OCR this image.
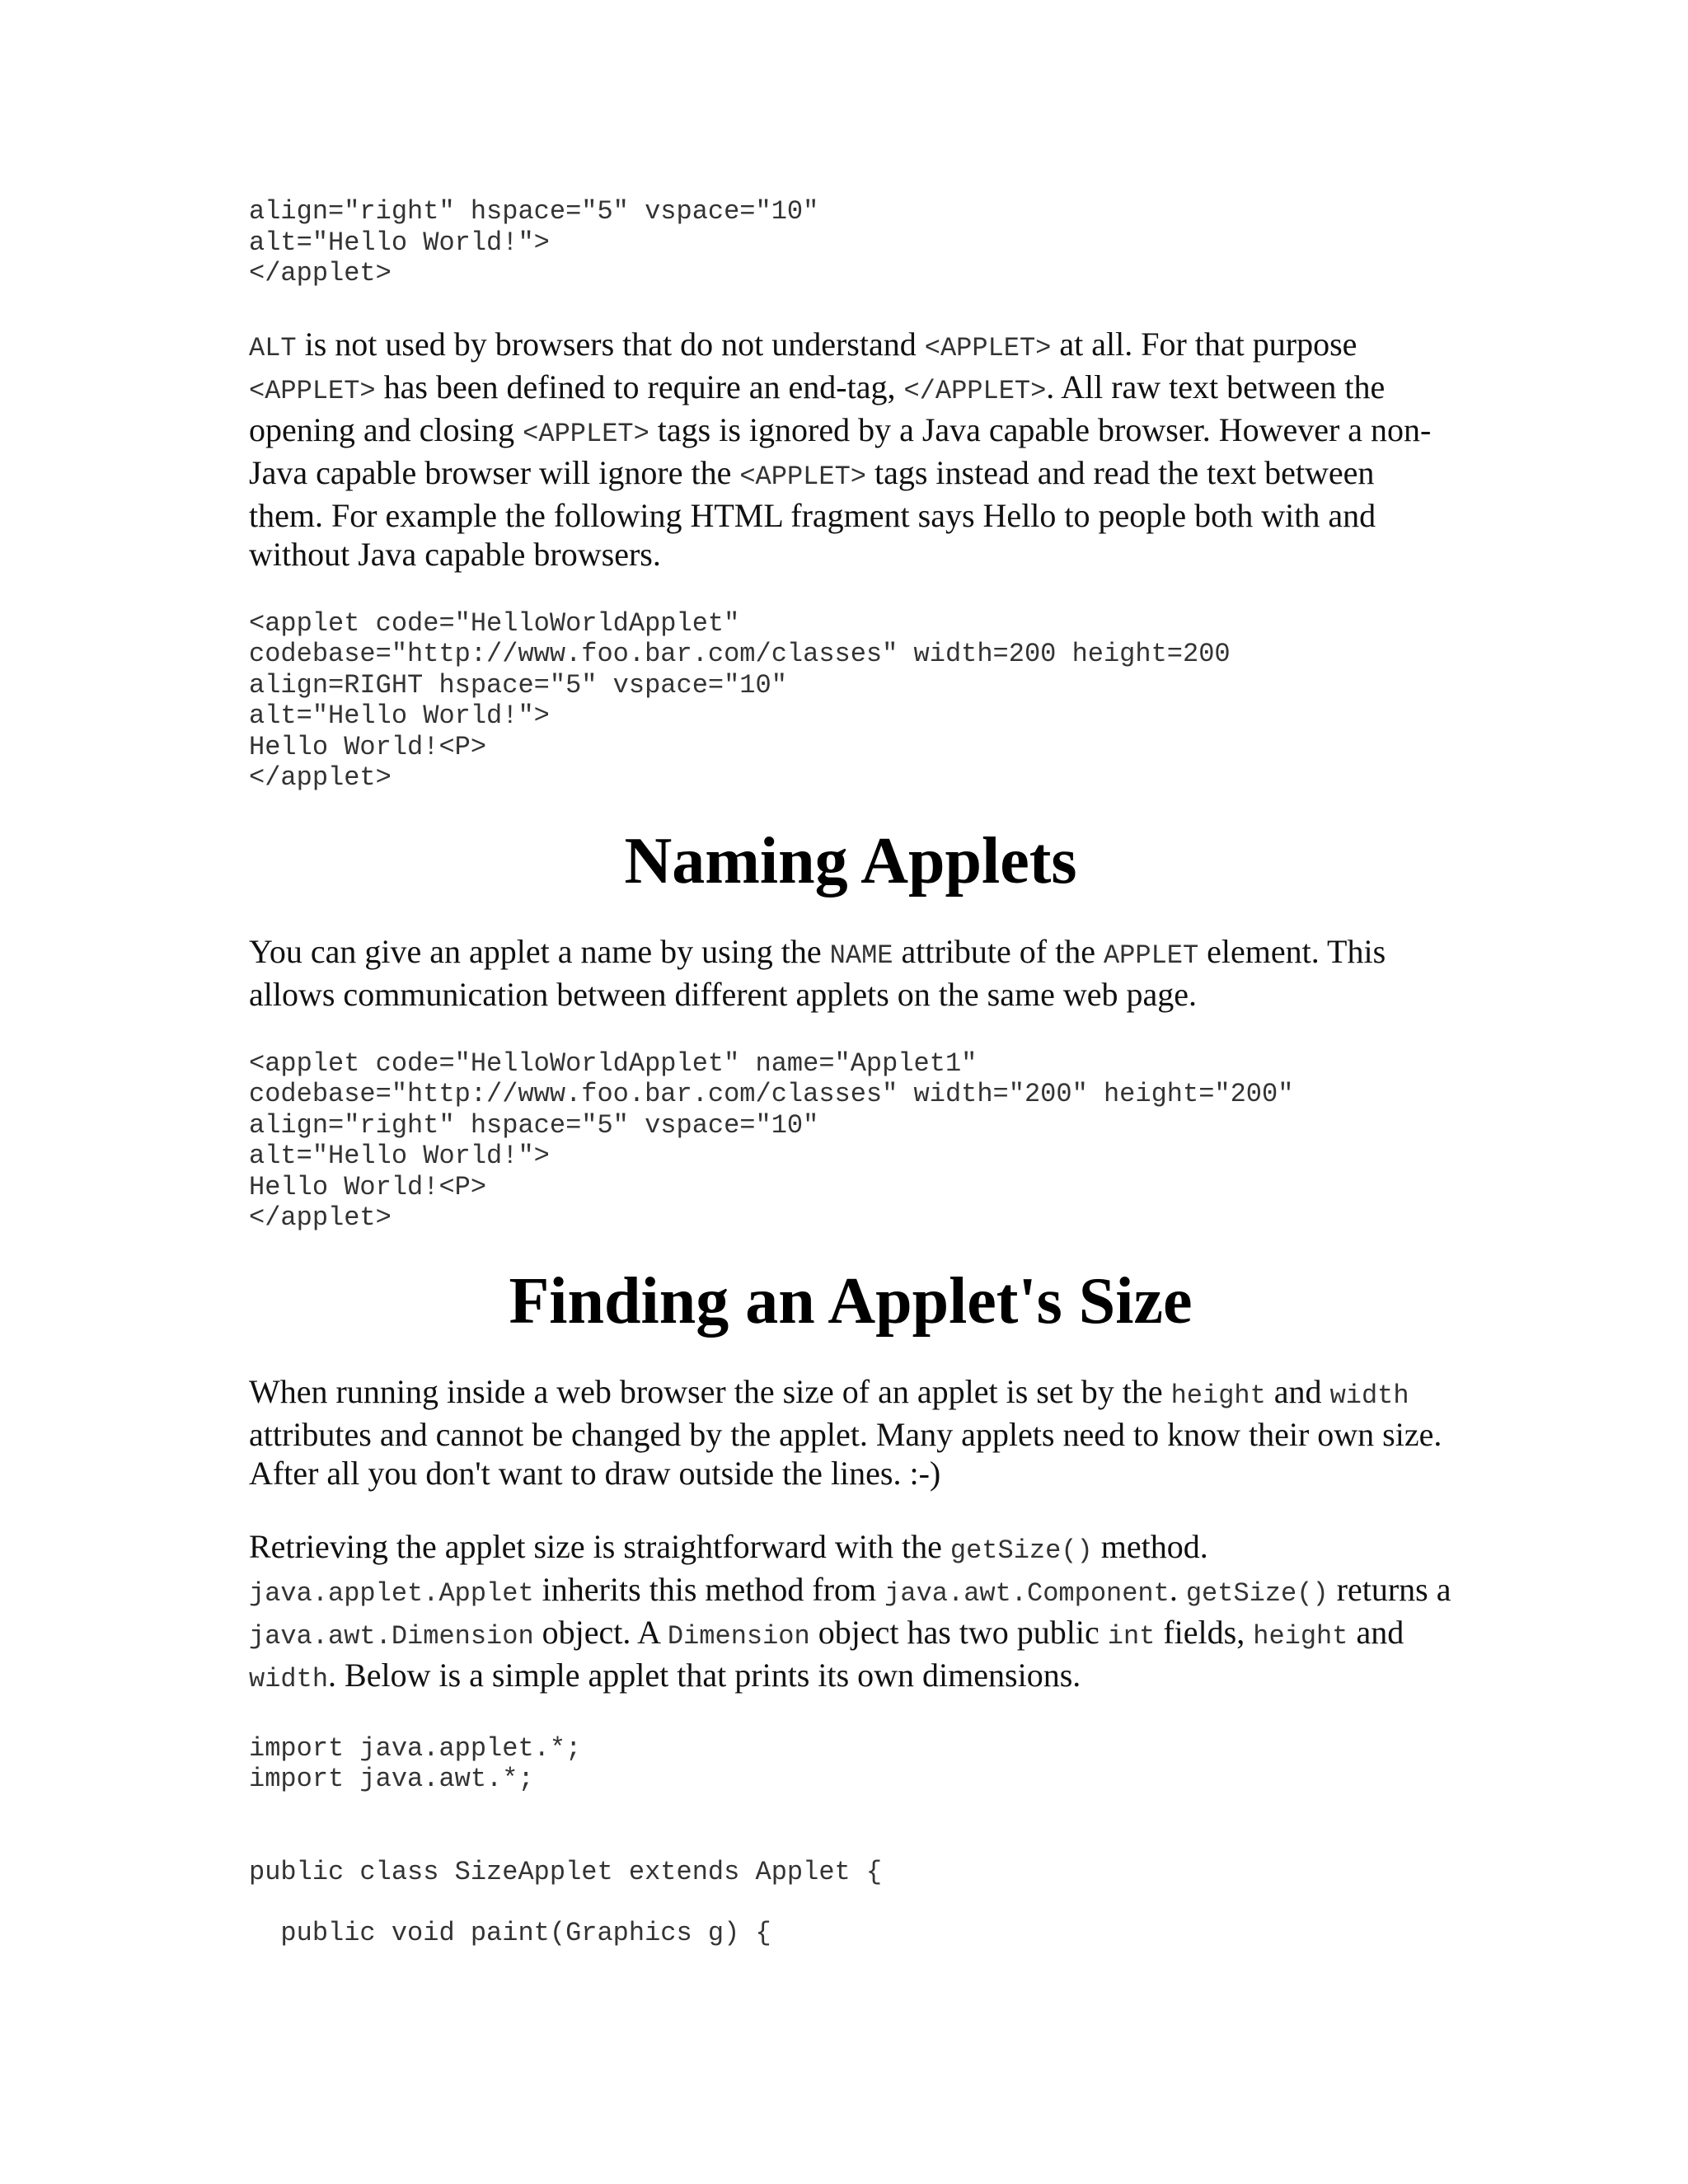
align="right" hspace="5" vspace="10"
alt="Hello World!">
</applet>

ALT is not used by browsers that do not understand <APPLET> at all. For that purpose <APPLET> has been defined to require an end-tag, </APPLET>. All raw text between the opening and closing <APPLET> tags is ignored by a Java capable browser. However a non-Java capable browser will ignore the <APPLET> tags instead and read the text between them. For example the following HTML fragment says Hello to people both with and without Java capable browsers.

<applet code="HelloWorldApplet"
codebase="http://www.foo.bar.com/classes" width=200 height=200
align=RIGHT hspace="5" vspace="10"
alt="Hello World!">
Hello World!<P>
</applet>
Naming Applets

You can give an applet a name by using the NAME attribute of the APPLET element. This allows communication between different applets on the same web page.

<applet code="HelloWorldApplet" name="Applet1"
codebase="http://www.foo.bar.com/classes" width="200" height="200"
align="right" hspace="5" vspace="10"
alt="Hello World!">
Hello World!<P>
</applet>
Finding an Applet's Size

When running inside a web browser the size of an applet is set by the height and width attributes and cannot be changed by the applet. Many applets need to know their own size. After all you don't want to draw outside the lines. :-)

Retrieving the applet size is straightforward with the getSize() method. java.applet.Applet inherits this method from java.awt.Component. getSize() returns a java.awt.Dimension object. A Dimension object has two public int fields, height and width. Below is a simple applet that prints its own dimensions.

import java.applet.*;
import java.awt.*;
public class SizeApplet extends Applet {
public void paint(Graphics g) {
